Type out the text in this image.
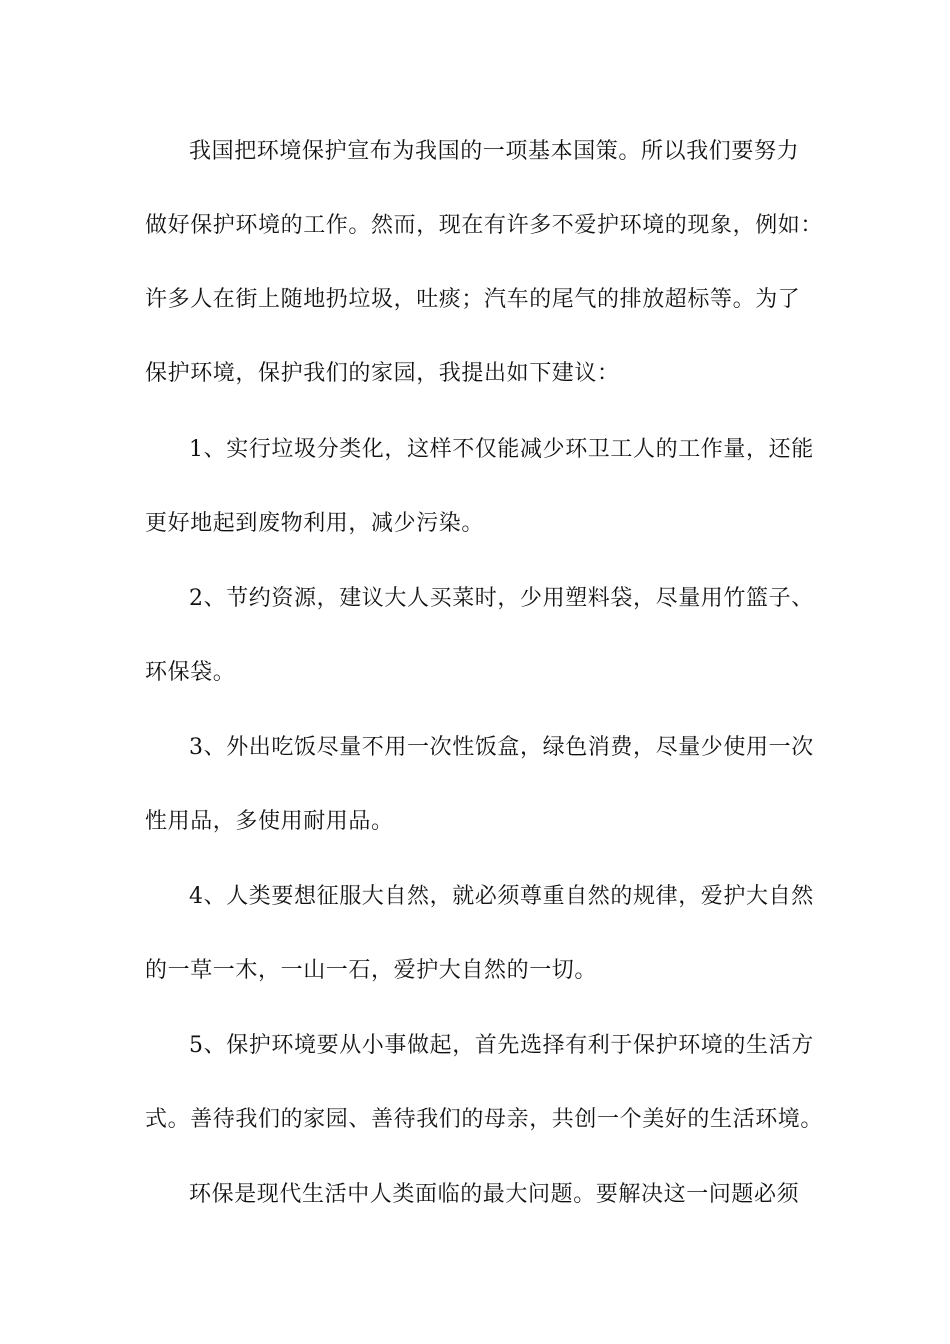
我国把环境保护宣布为我国的一项基本国策。所以我们要努力
做好保护环境的工作。然而，现在有许多不爱护环境的现象，例如：
许多人在街上随地扔垃圾，吐痰；汽车的尾气的排放超标等。为了
保护环境，保护我们的家园，我提出如下建议：
1、实行垃圾分类化，这样不仅能减少环卫工人的工作量，还能
更好地起到废物利用，减少污染。
2、节约资源，建议大人买菜时，少用塑料袋，尽量用竹篮子、
环保袋。
3、外出吃饭尽量不用一次性饭盒，绿色消费，尽量少使用一次
性用品，多使用耐用品。
4、人类要想征服大自然，就必须尊重自然的规律，爱护大自然
的一草一木，一山一石，爱护大自然的一切。
5、保护环境要从小事做起，首先选择有利于保护环境的生活方
式。善待我们的家园、善待我们的母亲，共创一个美好的生活环境。
环保是现代生活中人类面临的最大问题。要解决这一问题必须
